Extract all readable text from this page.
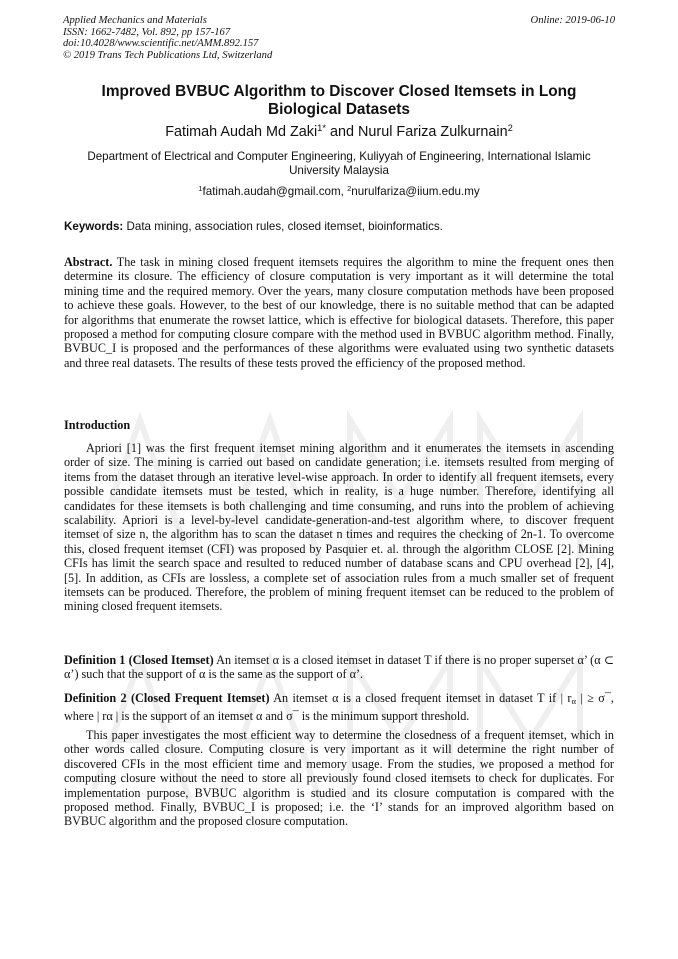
Applied Mechanics and Materials
ISSN: 1662-7482, Vol. 892, pp 157-167
doi:10.4028/www.scientific.net/AMM.892.157
© 2019 Trans Tech Publications Ltd, Switzerland
Online: 2019-06-10
Improved BVBUC Algorithm to Discover Closed Itemsets in Long Biological Datasets
Fatimah Audah Md Zaki$^{1*}$ and Nurul Fariza Zulkurnain$^2$
Department of Electrical and Computer Engineering, Kuliyyah of Engineering, International Islamic University Malaysia
$^1$fatimah.audah@gmail.com, $^2$nurulfariza@iium.edu.my
Keywords: Data mining, association rules, closed itemset, bioinformatics.
Abstract. The task in mining closed frequent itemsets requires the algorithm to mine the frequent ones then determine its closure. The efficiency of closure computation is very important as it will determine the total mining time and the required memory. Over the years, many closure computation methods have been proposed to achieve these goals. However, to the best of our knowledge, there is no suitable method that can be adapted for algorithms that enumerate the rowset lattice, which is effective for biological datasets. Therefore, this paper proposed a method for computing closure compare with the method used in BVBUC algorithm method. Finally, BVBUC_I is proposed and the performances of these algorithms were evaluated using two synthetic datasets and three real datasets. The results of these tests proved the efficiency of the proposed method.
Introduction
Apriori [1] was the first frequent itemset mining algorithm and it enumerates the itemsets in ascending order of size. The mining is carried out based on candidate generation; i.e. itemsets resulted from merging of items from the dataset through an iterative level-wise approach. In order to identify all frequent itemsets, every possible candidate itemsets must be tested, which in reality, is a huge number. Therefore, identifying all candidates for these itemsets is both challenging and time consuming, and runs into the problem of achieving scalability. Apriori is a level-by-level candidate-generation-and-test algorithm where, to discover frequent itemset of size n, the algorithm has to scan the dataset n times and requires the checking of 2n-1. To overcome this, closed frequent itemset (CFI) was proposed by Pasquier et. al. through the algorithm CLOSE [2]. Mining CFIs has limit the search space and resulted to reduced number of database scans and CPU overhead [2], [4], [5]. In addition, as CFIs are lossless, a complete set of association rules from a much smaller set of frequent itemsets can be produced. Therefore, the problem of mining frequent itemset can be reduced to the problem of mining closed frequent itemsets.
Definition 1 (Closed Itemset) An itemset α is a closed itemset in dataset T if there is no proper superset α’ (α ⊂ α’) such that the support of α is the same as the support of α’.
Definition 2 (Closed Frequent Itemset) An itemset α is a closed frequent itemset in dataset T if | rα | ≥ σ¯, where | rα | is the support of an itemset α and σ¯ is the minimum support threshold.
This paper investigates the most efficient way to determine the closedness of a frequent itemset, which in other words called closure. Computing closure is very important as it will determine the right number of discovered CFIs in the most efficient time and memory usage. From the studies, we proposed a method for computing closure without the need to store all previously found closed itemsets to check for duplicates. For implementation purpose, BVBUC algorithm is studied and its closure computation is compared with the proposed method. Finally, BVBUC_I is proposed; i.e. the ‘I’ stands for an improved algorithm based on BVBUC algorithm and the proposed closure computation.
